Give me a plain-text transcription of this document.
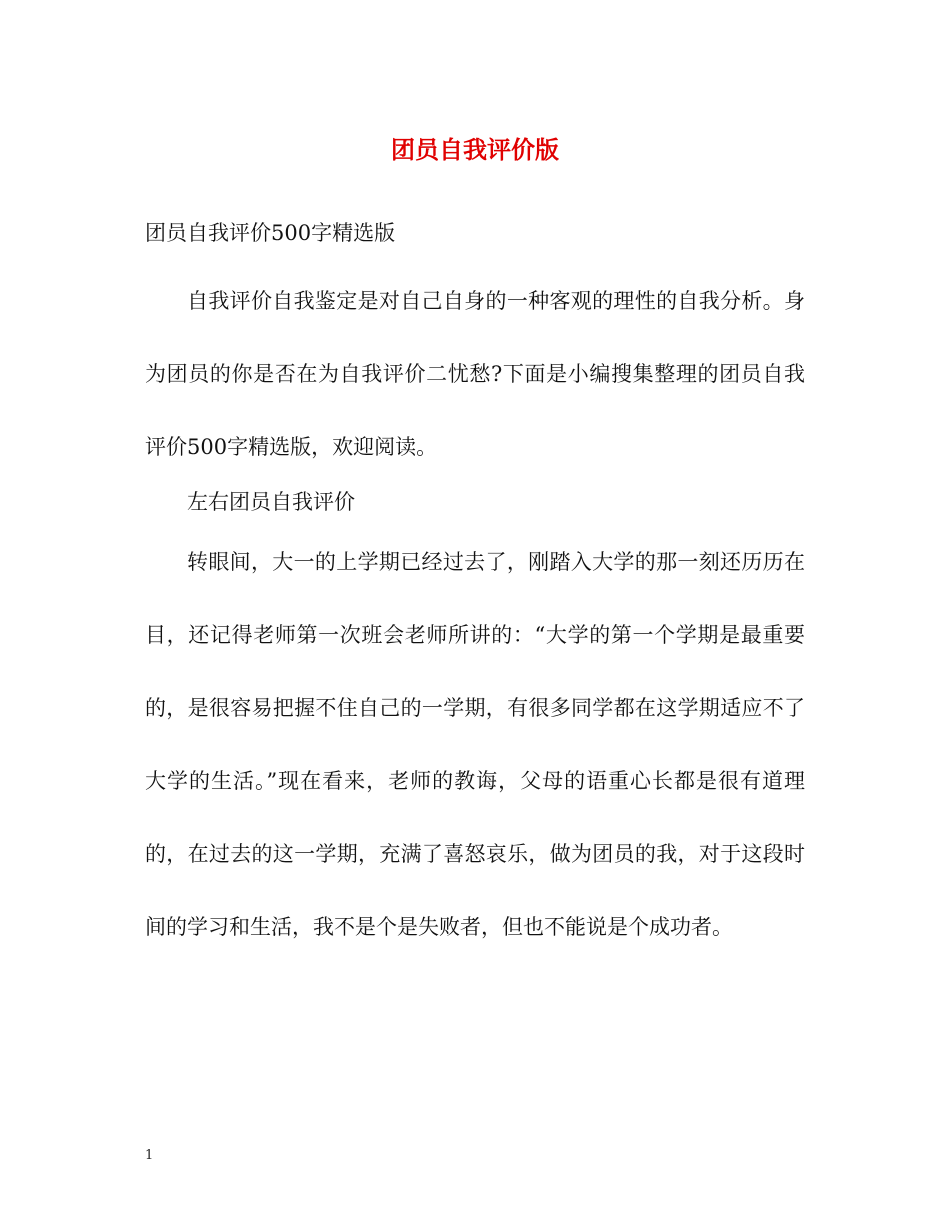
团员自我评价版

团员自我评价500字精选版

自我评价自我鉴定是对自己自身的一种客观的理性的自我分析。身为团员的你是否在为自我评价二忧愁?下面是小编搜集整理的团员自我评价500字精选版，欢迎阅读。

左右团员自我评价

转眼间，大一的上学期已经过去了，刚踏入大学的那一刻还历历在目，还记得老师第一次班会老师所讲的：“大学的第一个学期是最重要的，是很容易把握不住自己的一学期，有很多同学都在这学期适应不了大学的生活。”现在看来，老师的教诲，父母的语重心长都是很有道理的，在过去的这一学期，充满了喜怒哀乐，做为团员的我，对于这段时间的学习和生活，我不是个是失败者，但也不能说是个成功者。

1
